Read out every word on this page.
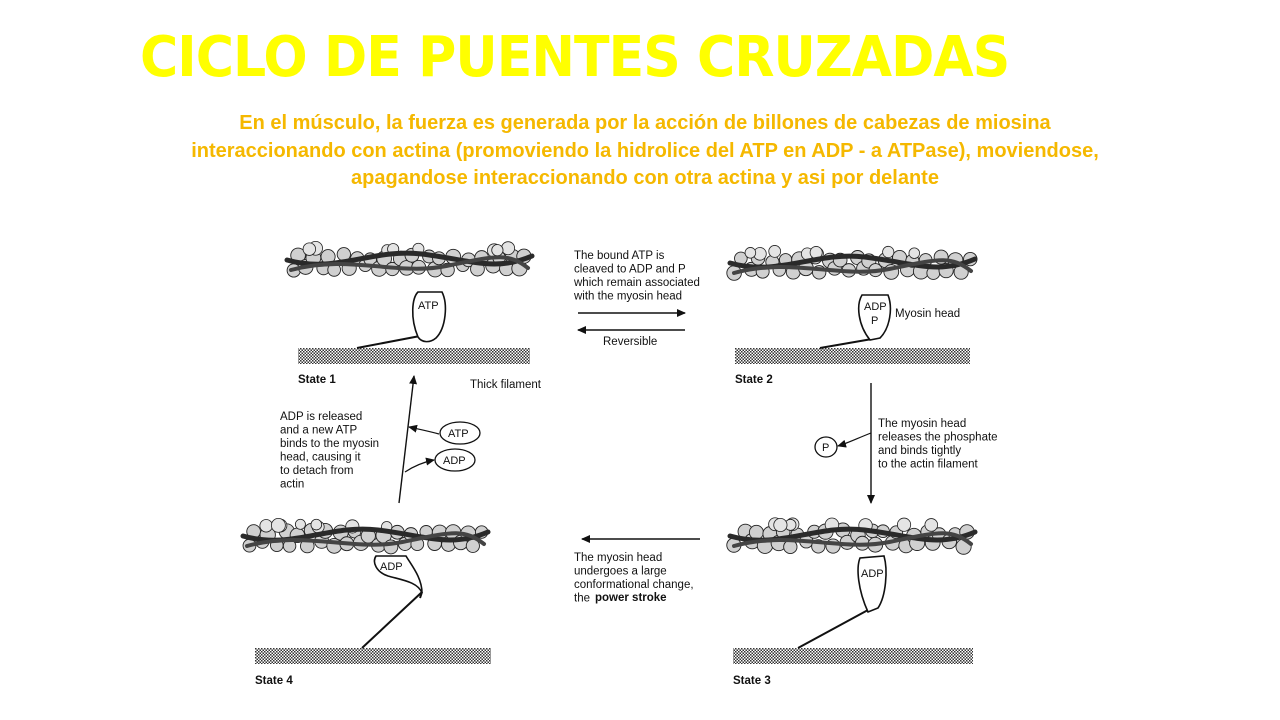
CICLO DE PUENTES CRUZADAS
En el músculo, la fuerza es generada por la acción de billones de cabezas de miosina interaccionando con actina (promoviendo la hidrolice del ATP en ADP - a ATPase), moviendose, apagandose interaccionando con otra actina y asi por delante
ATP
State 1
ADP
P
Myosin head
State 2
ADP
State 3
ADP
State 4
The bound ATP is cleaved to ADP and P which remain associated with the myosin head
Reversible
P
The myosin head releases the phosphate and binds tightly to the actin filament
The myosin head undergoes a large conformational change, the power stroke
ATP
ADP
ADP is released and a new ATP binds to the myosin head, causing it to detach from actin
Thick filament
